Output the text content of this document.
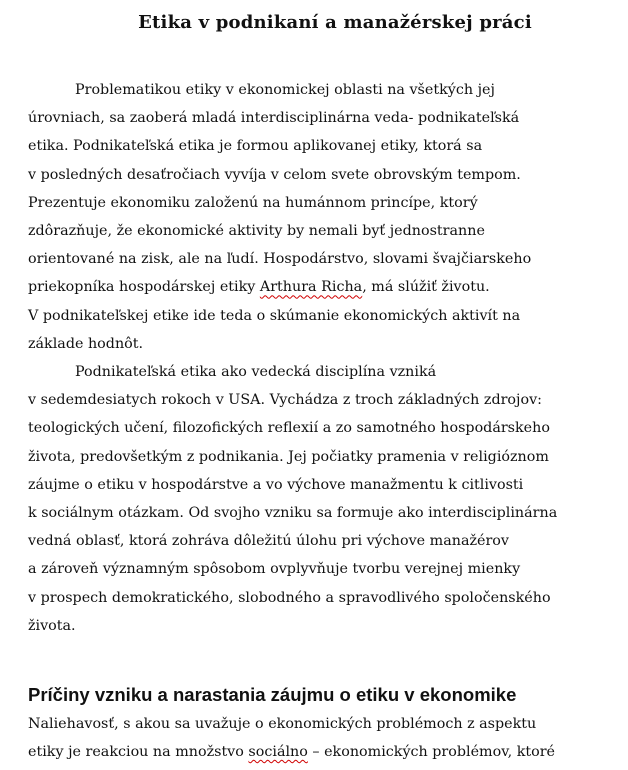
Etika v podnikaní a manažérskej práci
Problematikou etiky v ekonomickej oblasti na všetkých jej
úrovniach, sa zaoberá mladá interdisciplinárna veda- podnikateľská
etika. Podnikateľská etika je formou aplikovanej etiky, ktorá sa
v posledných desaťročiach vyvíja v celom svete obrovským tempom.
Prezentuje ekonomiku založenú na humánnom princípe, ktorý
zdôrazňuje, že ekonomické aktivity by nemali byť jednostranne
orientované na zisk, ale na ľudí. Hospodárstvo, slovami švajčiarskeho
priekopníka hospodárskej etiky Arthura Richa, má slúžiť životu.
V podnikateľskej etike ide teda o skúmanie ekonomických aktivít na
základe hodnôt.
Podnikateľská etika ako vedecká disciplína vzniká
v sedemdesiatych rokoch v USA. Vychádza z troch základných zdrojov:
teologických učení, filozofických reflexií a zo samotného hospodárskeho
života, predovšetkým z podnikania. Jej počiatky pramenia v religióznom
záujme o etiku v hospodárstve a vo výchove manažmentu k citlivosti
k sociálnym otázkam. Od svojho vzniku sa formuje ako interdisciplinárna
vedná oblasť, ktorá zohráva dôležitú úlohu pri výchove manažérov
a zároveň významným spôsobom ovplyvňuje tvorbu verejnej mienky
v prospech demokratického, slobodného a spravodlivého spoločenského
života.
Príčiny vzniku a narastania záujmu o etiku v ekonomike
Naliehavosť, s akou sa uvažuje o ekonomických problémoch z aspektu
etiky je reakciou na množstvo sociálno – ekonomických problémov, ktoré
